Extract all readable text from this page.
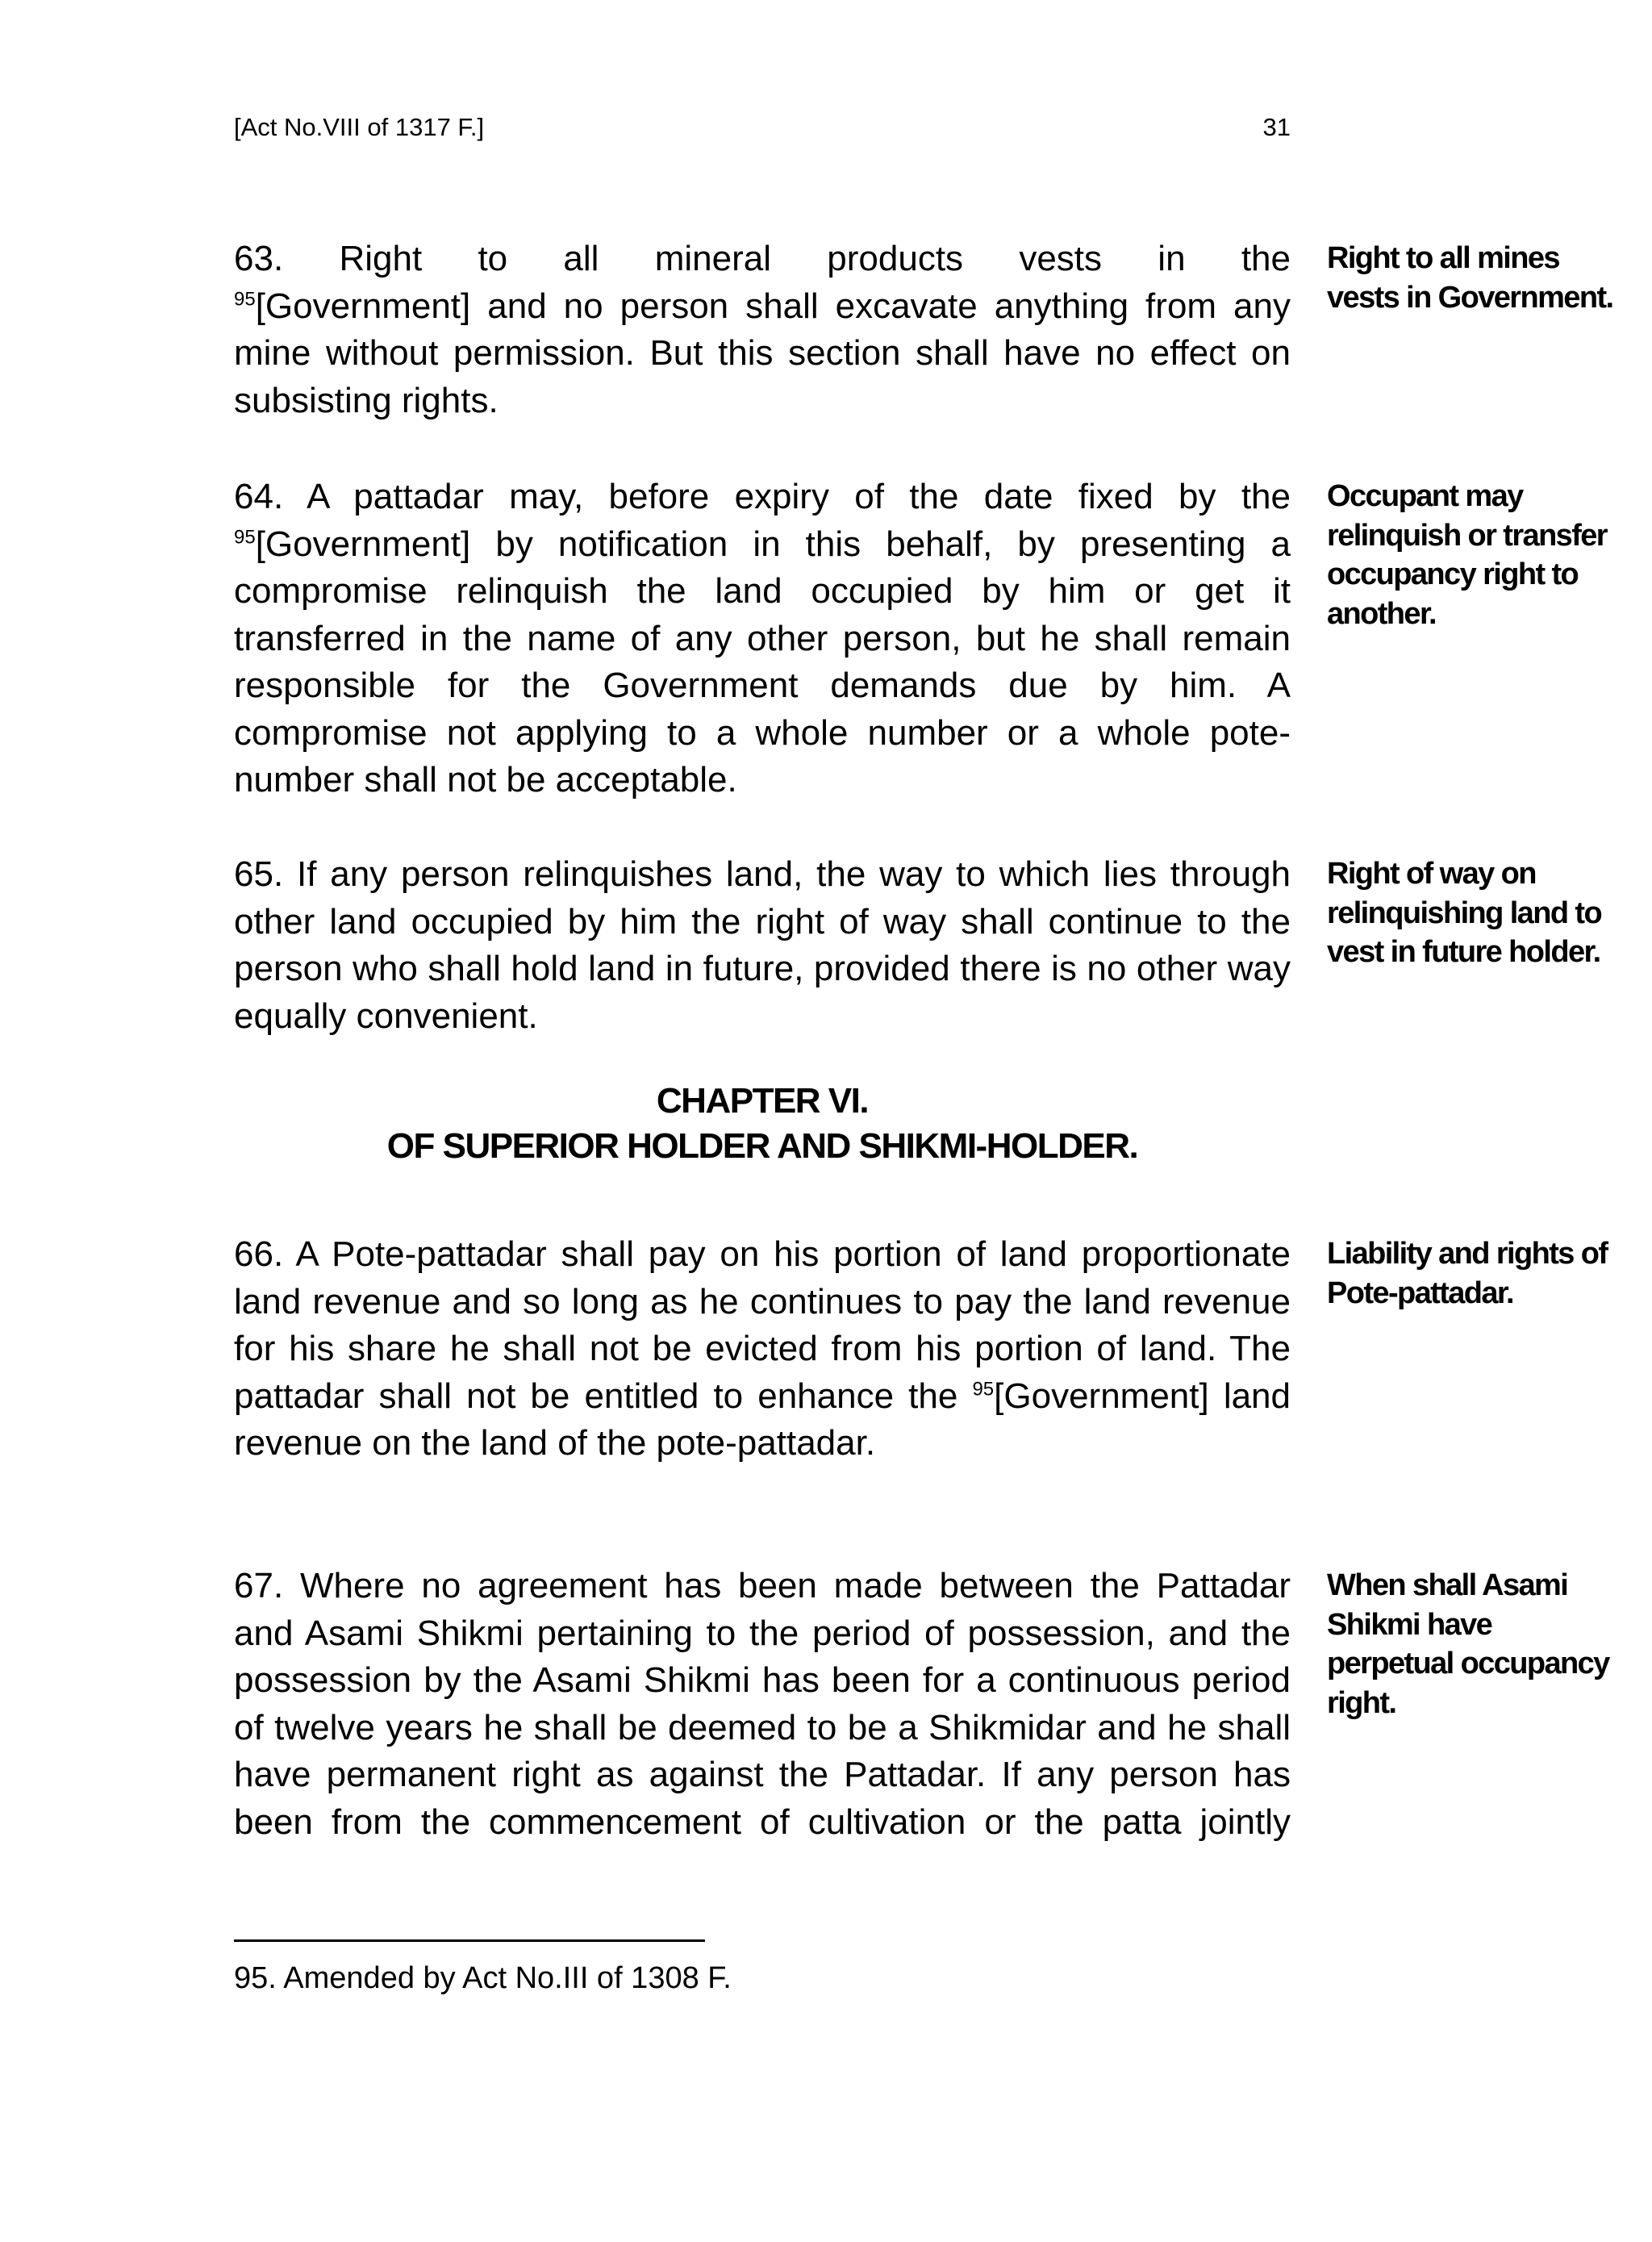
[Act No.VIII of 1317 F.]	31
63. Right to all mineral products vests in the
$^{95}$[Government] and no person shall excavate anything from any mine without permission. But this section shall have no effect on subsisting rights.
Right to all mines vests in Government.
64. A pattadar may, before expiry of the date fixed by the
$^{95}$[Government] by notification in this behalf, by presenting a compromise relinquish the land occupied by him or get it transferred in the name of any other person, but he shall remain responsible for the Government demands due by him. A compromise not applying to a whole number or a whole pote-number shall not be acceptable.
Occupant may relinquish or transfer occupancy right to another.
65. If any person relinquishes land, the way to which lies through other land occupied by him the right of way shall continue to the person who shall hold land in future, provided there is no other way equally convenient.
Right of way on relinquishing land to vest in future holder.
CHAPTER VI.
OF SUPERIOR HOLDER AND SHIKMI-HOLDER.
66. A Pote-pattadar shall pay on his portion of land proportionate land revenue and so long as he continues to pay the land revenue for his share he shall not be evicted from his portion of land. The pattadar shall not be entitled to enhance the $^{95}$[Government] land revenue on the land of the pote-pattadar.
Liability and rights of Pote-pattadar.
67. Where no agreement has been made between the Pattadar and Asami Shikmi pertaining to the period of possession, and the possession by the Asami Shikmi has been for a continuous period of twelve years he shall be deemed to be a Shikmidar and he shall have permanent right as against the Pattadar. If any person has been from the commencement of cultivation or the patta jointly
When shall Asami Shikmi have perpetual occupancy right.
95. Amended by Act No.III of 1308 F.
